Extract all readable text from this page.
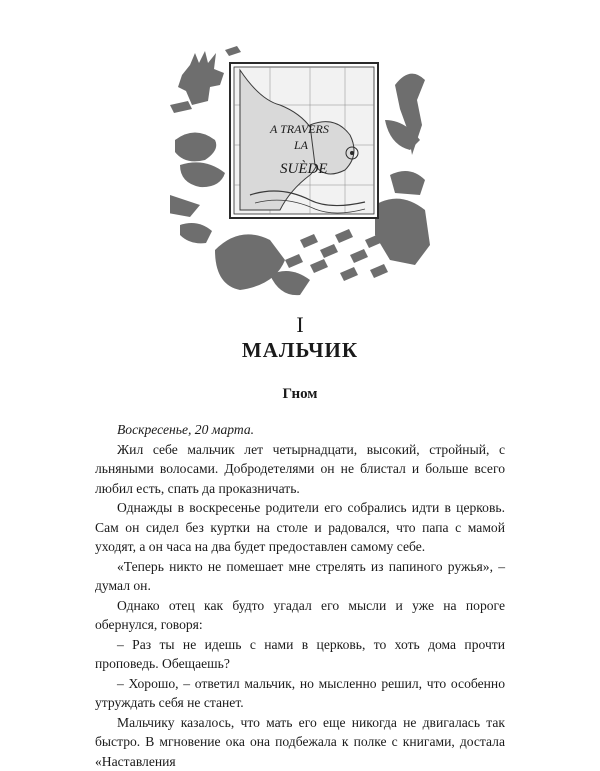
A TRAVERS
LA
SUÈDE
I
МАЛЬЧИК
Гном

Воскресенье, 20 марта.

Жил себе мальчик лет четырнадцати, высокий, стройный, с льняными волосами. Добродетелями он не блистал и больше всего любил есть, спать да проказничать.

Однажды в воскресенье родители его собрались идти в церковь. Сам он сидел без куртки на столе и радовался, что папа с мамой уходят, а он часа на два будет предоставлен самому себе.

«Теперь никто не помешает мне стрелять из папиного ружья», – думал он.

Однако отец как будто угадал его мысли и уже на пороге обернулся, говоря:

– Раз ты не идешь с нами в церковь, то хоть дома прочти проповедь. Обещаешь?

– Хорошо, – ответил мальчик, но мысленно решил, что особенно утруждать себя не станет.

Мальчику казалось, что мать его еще никогда не двигалась так быстро. В мгновение ока она подбежала к полке с книгами, достала «Наставления
